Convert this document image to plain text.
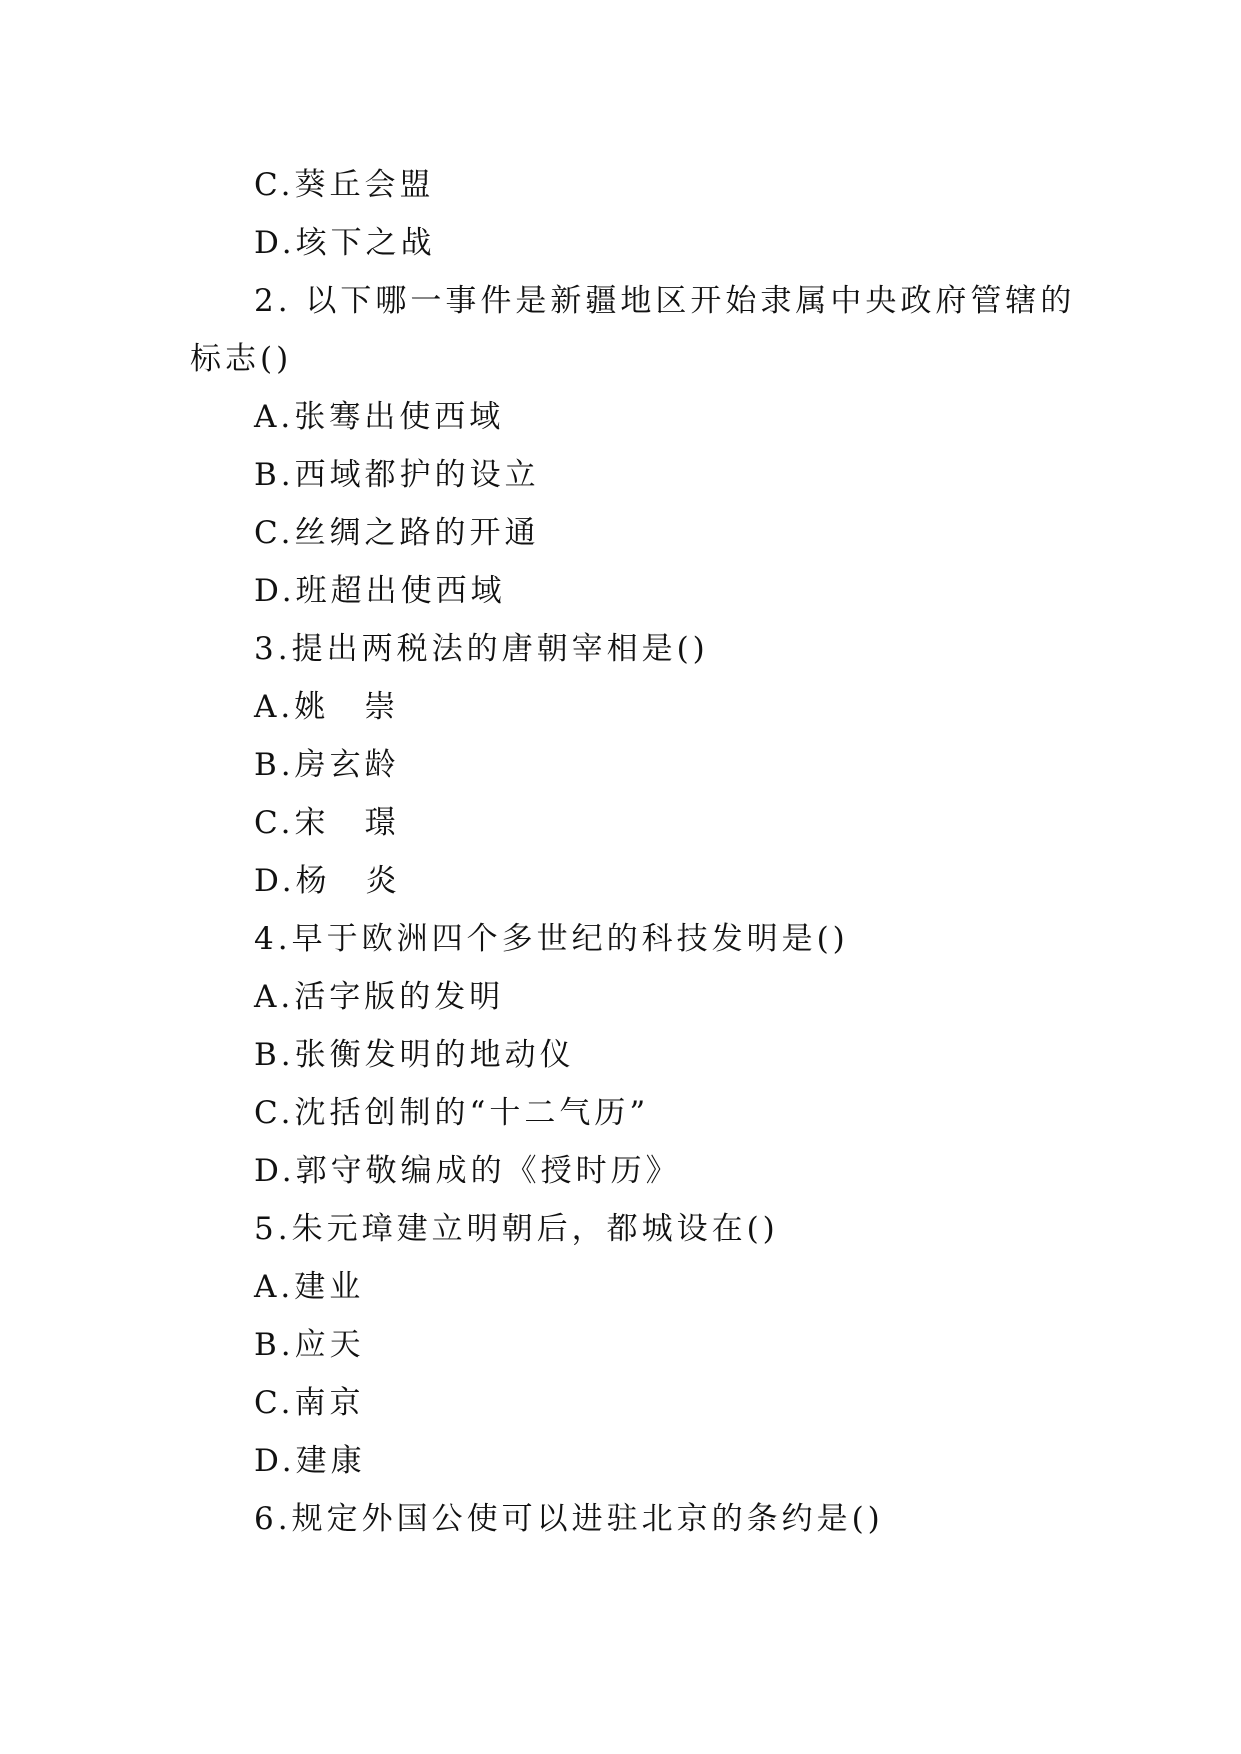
C.葵丘会盟
D.垓下之战
2. 以下哪一事件是新疆地区开始隶属中央政府管辖的
标志()
A.张骞出使西域
B.西域都护的设立
C.丝绸之路的开通
D.班超出使西域
3.提出两税法的唐朝宰相是()
A.姚　崇
B.房玄龄
C.宋　璟
D.杨　炎
4.早于欧洲四个多世纪的科技发明是()
A.活字版的发明
B.张衡发明的地动仪
C.沈括创制的“十二气历”
D.郭守敬编成的《授时历》
5.朱元璋建立明朝后，都城设在()
A.建业
B.应天
C.南京
D.建康
6.规定外国公使可以进驻北京的条约是()
